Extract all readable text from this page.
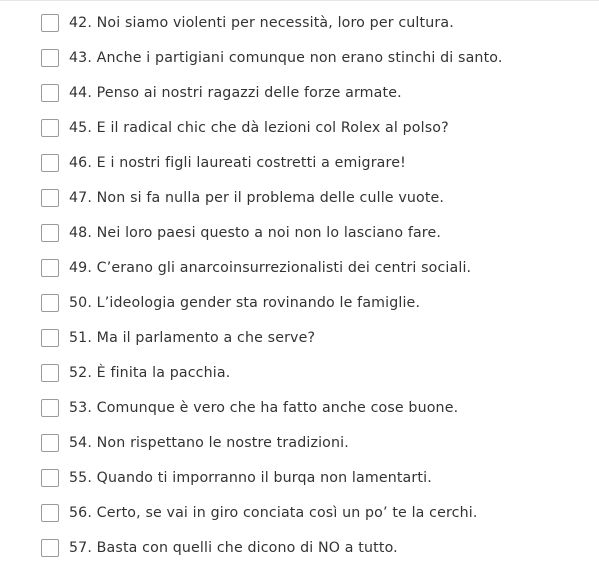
42. Noi siamo violenti per necessità, loro per cultura.
43. Anche i partigiani comunque non erano stinchi di santo.
44. Penso ai nostri ragazzi delle forze armate.
45. E il radical chic che dà lezioni col Rolex al polso?
46. E i nostri figli laureati costretti a emigrare!
47. Non si fa nulla per il problema delle culle vuote.
48. Nei loro paesi questo a noi non lo lasciano fare.
49. C’erano gli anarcoinsurrezionalisti dei centri sociali.
50. L’ideologia gender sta rovinando le famiglie.
51. Ma il parlamento a che serve?
52. È finita la pacchia.
53. Comunque è vero che ha fatto anche cose buone.
54. Non rispettano le nostre tradizioni.
55. Quando ti imporranno il burqa non lamentarti.
56. Certo, se vai in giro conciata così un po’ te la cerchi.
57. Basta con quelli che dicono di NO a tutto.
